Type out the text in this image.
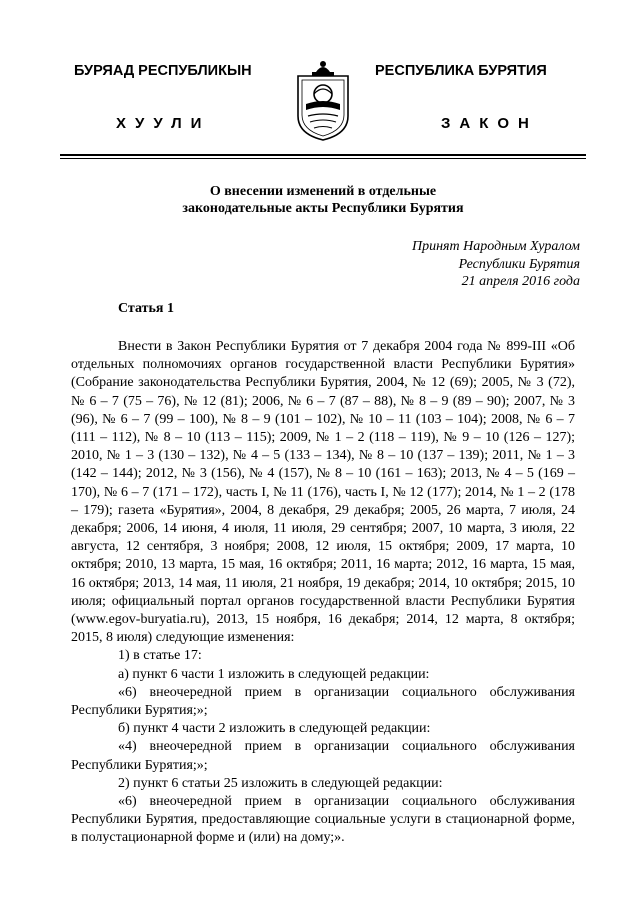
БУРЯАД РЕСПУБЛИКЫН	РЕСПУБЛИКА БУРЯТИЯ
ХУУЛИ	ЗАКОН
О внесении изменений в отдельные
законодательные акты Республики Бурятия
Принят Народным Хуралом
Республики Бурятия
21 апреля 2016 года
Статья 1

Внести в Закон Республики Бурятия от 7 декабря 2004 года № 899-III «Об отдельных полномочиях органов государственной власти Республики Бурятия» (Собрание законодательства Республики Бурятия, 2004, № 12 (69); 2005, № 3 (72), № 6 – 7 (75 – 76), № 12 (81); 2006, № 6 – 7 (87 – 88), № 8 – 9 (89 – 90); 2007, № 3 (96), № 6 – 7 (99 – 100), № 8 – 9 (101 – 102), № 10 – 11 (103 – 104); 2008, № 6 – 7 (111 – 112), № 8 – 10 (113 – 115); 2009, № 1 – 2 (118 – 119), № 9 – 10 (126 – 127); 2010, № 1 – 3 (130 – 132), № 4 – 5 (133 – 134), № 8 – 10 (137 – 139); 2011, № 1 – 3 (142 – 144); 2012, № 3 (156), № 4 (157), № 8 – 10 (161 – 163); 2013, № 4 – 5 (169 – 170), № 6 – 7 (171 – 172), часть I, № 11 (176), часть I, № 12 (177); 2014, № 1 – 2 (178 – 179); газета «Бурятия», 2004, 8 декабря, 29 декабря; 2005, 26 марта, 7 июля, 24 декабря; 2006, 14 июня, 4 июля, 11 июля, 29 сентября; 2007, 10 марта, 3 июля, 22 августа, 12 сентября, 3 ноября; 2008, 12 июля, 15 октября; 2009, 17 марта, 10 октября; 2010, 13 марта, 15 мая, 16 октября; 2011, 16 марта; 2012, 16 марта, 15 мая, 16 октября; 2013, 14 мая, 11 июля, 21 ноября, 19 декабря; 2014, 10 октября; 2015, 10 июля; официальный портал органов государственной власти Республики Бурятия (www.egov-buryatia.ru), 2013, 15 ноября, 16 декабря; 2014, 12 марта, 8 октября; 2015, 8 июля) следующие изменения:

1) в статье 17:

а) пункт 6 части 1 изложить в следующей редакции:

«6) внеочередной прием в организации социального обслуживания Республики Бурятия;»;

б) пункт 4 части 2 изложить в следующей редакции:

«4) внеочередной прием в организации социального обслуживания Республики Бурятия;»;

2) пункт 6 статьи 25 изложить в следующей редакции:

«6) внеочередной прием в организации социального обслуживания Республики Бурятия, предоставляющие социальные услуги в стационарной форме, в полустационарной форме и (или) на дому;».
